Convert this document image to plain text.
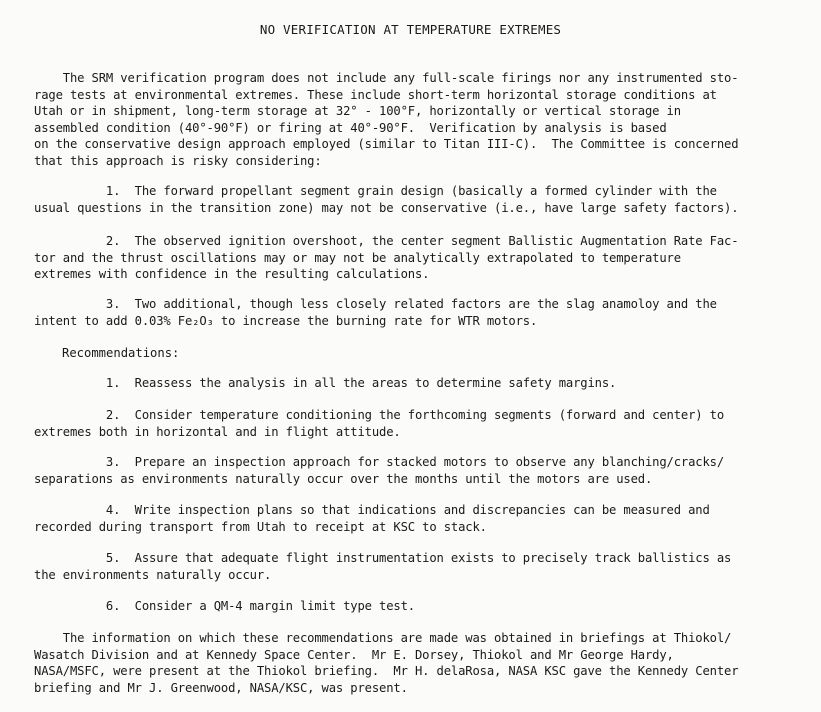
NO VERIFICATION AT TEMPERATURE EXTREMES
The SRM verification program does not include any full-scale firings nor any instrumented sto-
rage tests at environmental extremes. These include short-term horizontal storage conditions at
Utah or in shipment, long-term storage at 32° - 100°F, horizontally or vertical storage in
assembled condition (40°-90°F) or firing at 40°-90°F.  Verification by analysis is based
on the conservative design approach employed (similar to Titan III-C).  The Committee is concerned
that this approach is risky considering:
1.  The forward propellant segment grain design (basically a formed cylinder with the
usual questions in the transition zone) may not be conservative (i.e., have large safety factors).
2.  The observed ignition overshoot, the center segment Ballistic Augmentation Rate Fac-
tor and the thrust oscillations may or may not be analytically extrapolated to temperature
extremes with confidence in the resulting calculations.
3.  Two additional, though less closely related factors are the slag anamoloy and the
intent to add 0.03% Fe₂O₃ to increase the burning rate for WTR motors.
Recommendations:
1.  Reassess the analysis in all the areas to determine safety margins.
2.  Consider temperature conditioning the forthcoming segments (forward and center) to
extremes both in horizontal and in flight attitude.
3.  Prepare an inspection approach for stacked motors to observe any blanching/cracks/
separations as environments naturally occur over the months until the motors are used.
4.  Write inspection plans so that indications and discrepancies can be measured and
recorded during transport from Utah to receipt at KSC to stack.
5.  Assure that adequate flight instrumentation exists to precisely track ballistics as
the environments naturally occur.
6.  Consider a QM-4 margin limit type test.
The information on which these recommendations are made was obtained in briefings at Thiokol/
Wasatch Division and at Kennedy Space Center.  Mr E. Dorsey, Thiokol and Mr George Hardy,
NASA/MSFC, were present at the Thiokol briefing.  Mr H. delaRosa, NASA KSC gave the Kennedy Center
briefing and Mr J. Greenwood, NASA/KSC, was present.
